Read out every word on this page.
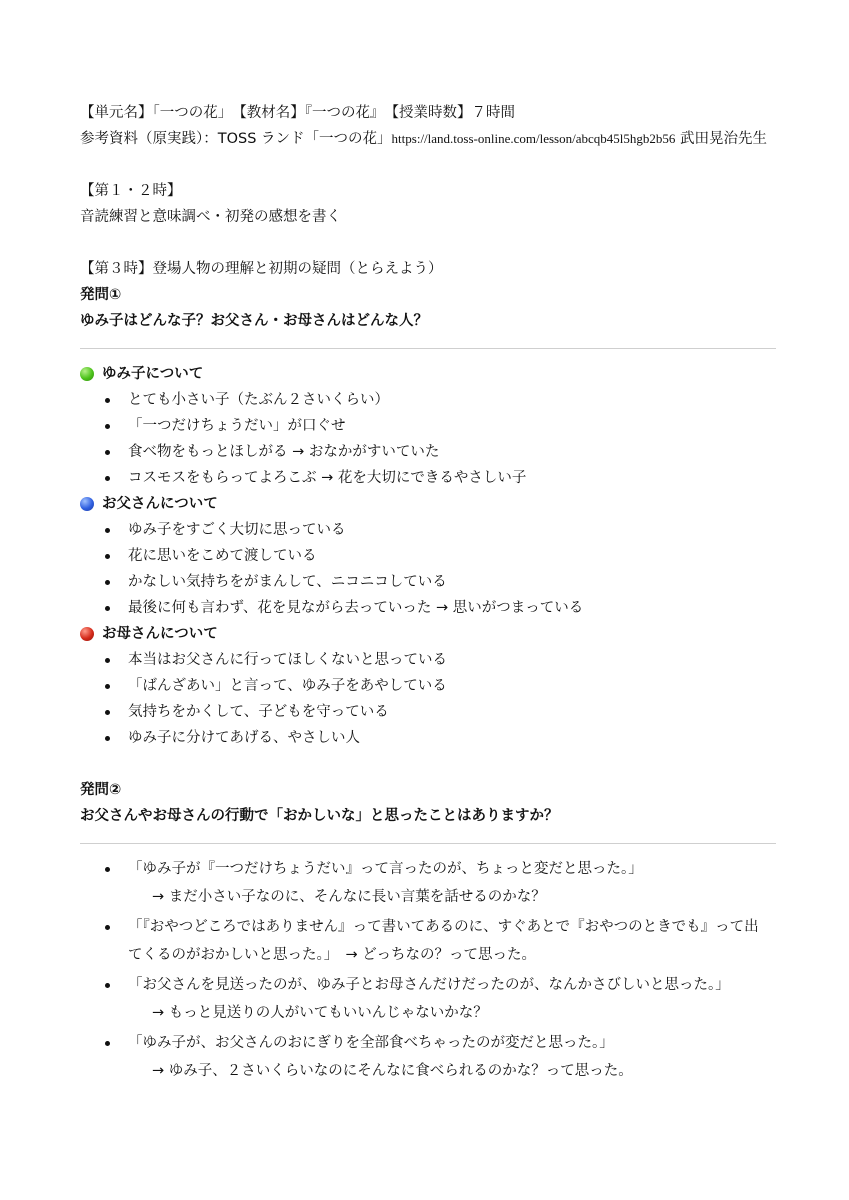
【単元名】「一つの花」　【教材名】『一つの花』　【授業時数】７時間
参考資料（原実践）：TOSS ランド「一つの花」https://land.toss-online.com/lesson/abcqb45l5hgb2b56 武田晃治先生
【第１・２時】
音読練習と意味調べ・初発の感想を書く
【第３時】登場人物の理解と初期の疑問（とらえよう）
発問①
ゆみ子はどんな子？お父さん・お母さんはどんな人？
ゆみ子について
とても小さい子（たぶん２さいくらい）
「一つだけちょうだい」が口ぐせ
食べ物をもっとほしがる → おなかがすいていた
コスモスをもらってよろこぶ → 花を大切にできるやさしい子
お父さんについて
ゆみ子をすごく大切に思っている
花に思いをこめて渡している
かなしい気持ちをがまんして、ニコニコしている
最後に何も言わず、花を見ながら去っていった → 思いがつまっている
お母さんについて
本当はお父さんに行ってほしくないと思っている
「ばんざあい」と言って、ゆみ子をあやしている
気持ちをかくして、子どもを守っている
ゆみ子に分けてあげる、やさしい人
発問②
お父さんやお母さんの行動で「おかしいな」と思ったことはありますか？
「ゆみ子が『一つだけちょうだい』って言ったのが、ちょっと変だと思った。」
→ まだ小さい子なのに、そんなに長い言葉を話せるのかな？
「『おやつどころではありません』って書いてあるのに、すぐあとで『おやつのときでも』って出
てくるのがおかしいと思った。」　→ どっちなの？って思った。
「お父さんを見送ったのが、ゆみ子とお母さんだけだったのが、なんかさびしいと思った。」
→ もっと見送りの人がいてもいいんじゃないかな？
「ゆみ子が、お父さんのおにぎりを全部食べちゃったのが変だと思った。」
→ ゆみ子、２さいくらいなのにそんなに食べられるのかな？って思った。
